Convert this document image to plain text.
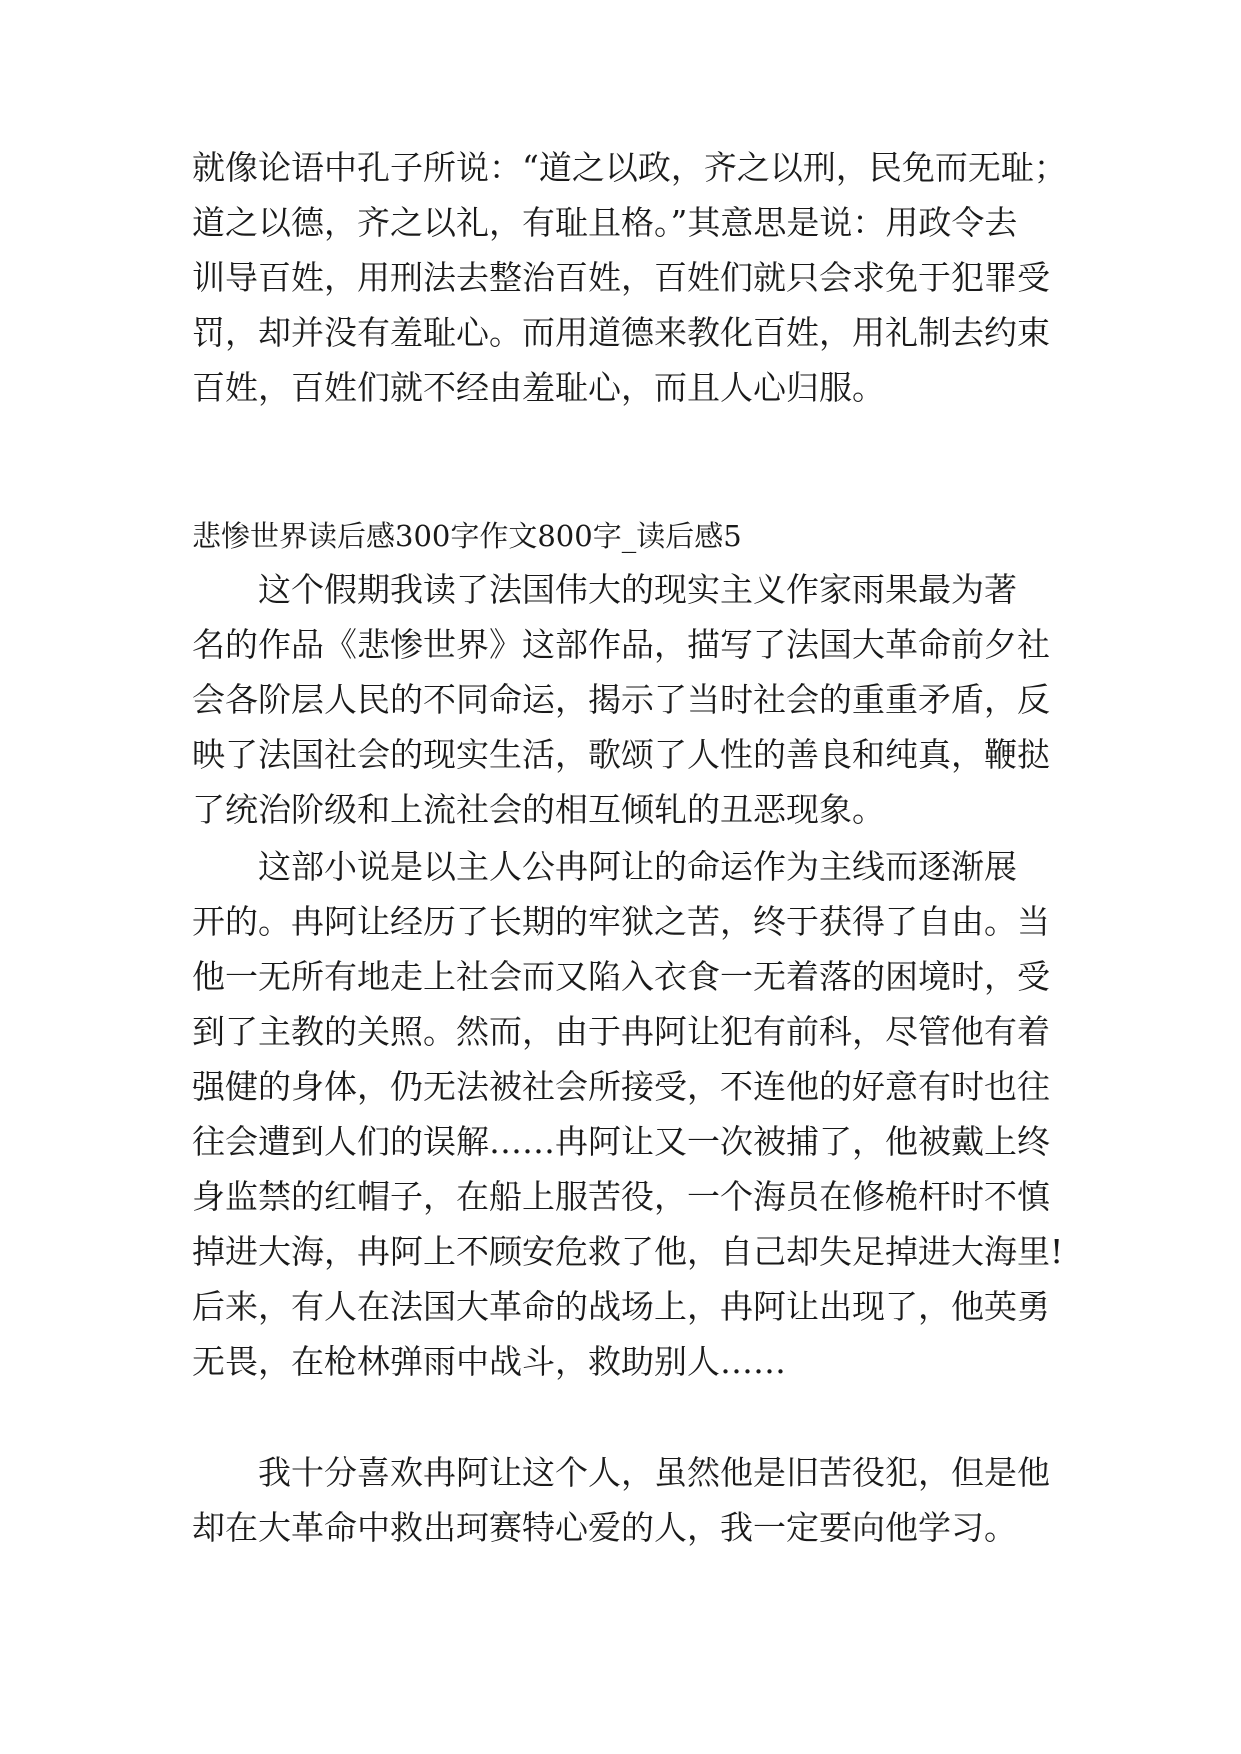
就像论语中孔子所说：“道之以政，齐之以刑，民免而无耻；
道之以德，齐之以礼，有耻且格。”其意思是说：用政令去
训导百姓，用刑法去整治百姓，百姓们就只会求免于犯罪受
罚，却并没有羞耻心。而用道德来教化百姓，用礼制去约束
百姓，百姓们就不经由羞耻心，而且人心归服。
悲惨世界读后感300字作文800字_读后感5
这个假期我读了法国伟大的现实主义作家雨果最为著
名的作品《悲惨世界》这部作品，描写了法国大革命前夕社
会各阶层人民的不同命运，揭示了当时社会的重重矛盾，反
映了法国社会的现实生活，歌颂了人性的善良和纯真，鞭挞
了统治阶级和上流社会的相互倾轧的丑恶现象。
这部小说是以主人公冉阿让的命运作为主线而逐渐展
开的。冉阿让经历了长期的牢狱之苦，终于获得了自由。当
他一无所有地走上社会而又陷入衣食一无着落的困境时，受
到了主教的关照。然而，由于冉阿让犯有前科，尽管他有着
强健的身体，仍无法被社会所接受，不连他的好意有时也往
往会遭到人们的误解……冉阿让又一次被捕了，他被戴上终
身监禁的红帽子，在船上服苦役，一个海员在修桅杆时不慎
掉进大海，冉阿上不顾安危救了他，自己却失足掉进大海里!
后来，有人在法国大革命的战场上，冉阿让出现了，他英勇
无畏，在枪林弹雨中战斗，救助别人……
我十分喜欢冉阿让这个人，虽然他是旧苦役犯，但是他
却在大革命中救出珂赛特心爱的人，我一定要向他学习。
